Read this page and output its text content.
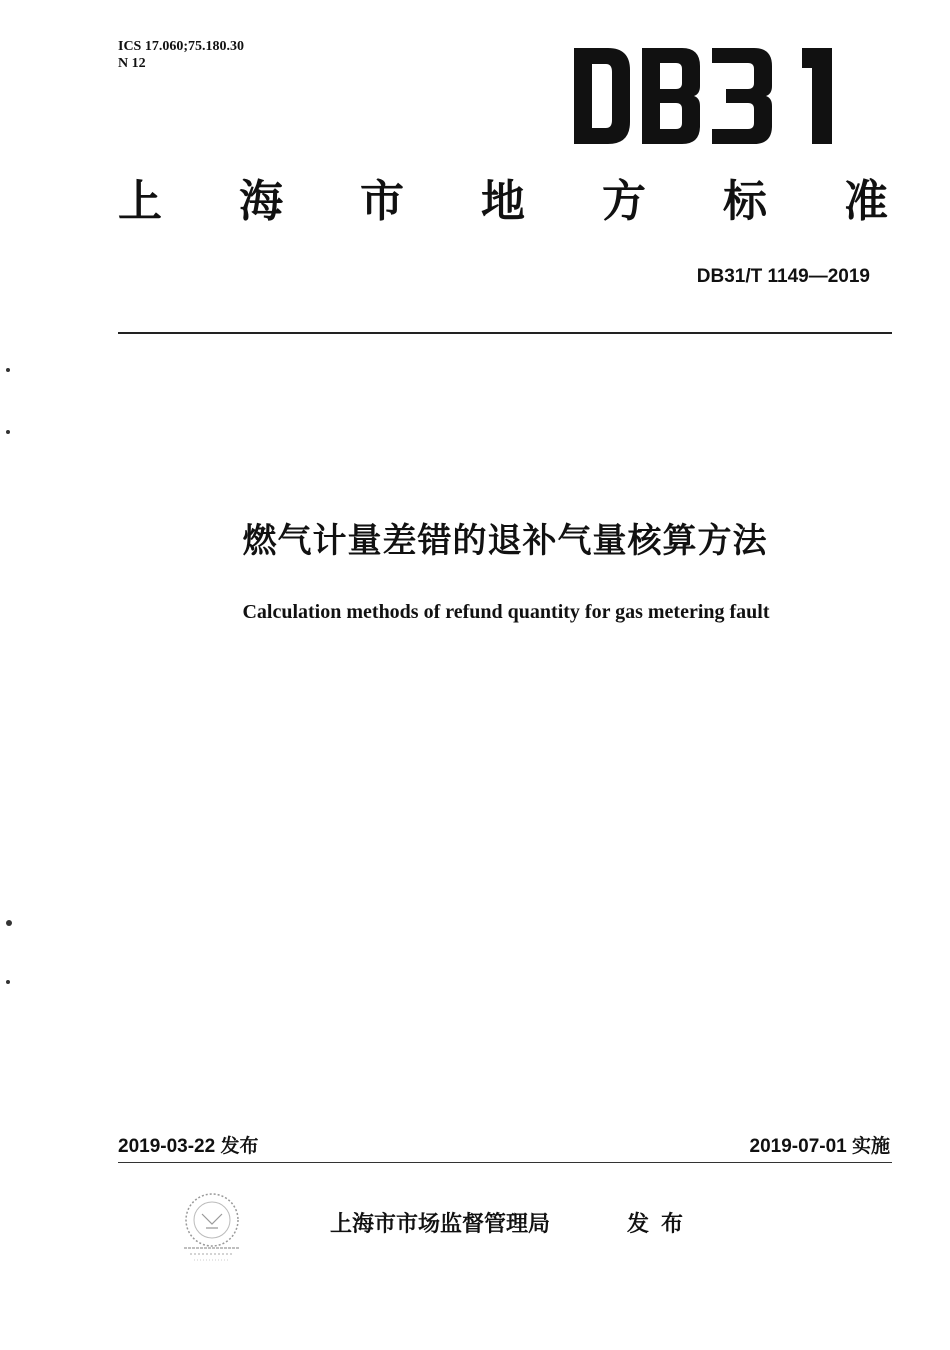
ICS 17.060;75.180.30
N 12
上 海 市 地 方 标 准
DB31/T 1149—2019
燃气计量差错的退补气量核算方法
Calculation methods of refund quantity for gas metering fault
2019-03-22 发布	2019-07-01 实施
上海市市场监督管理局	发布
